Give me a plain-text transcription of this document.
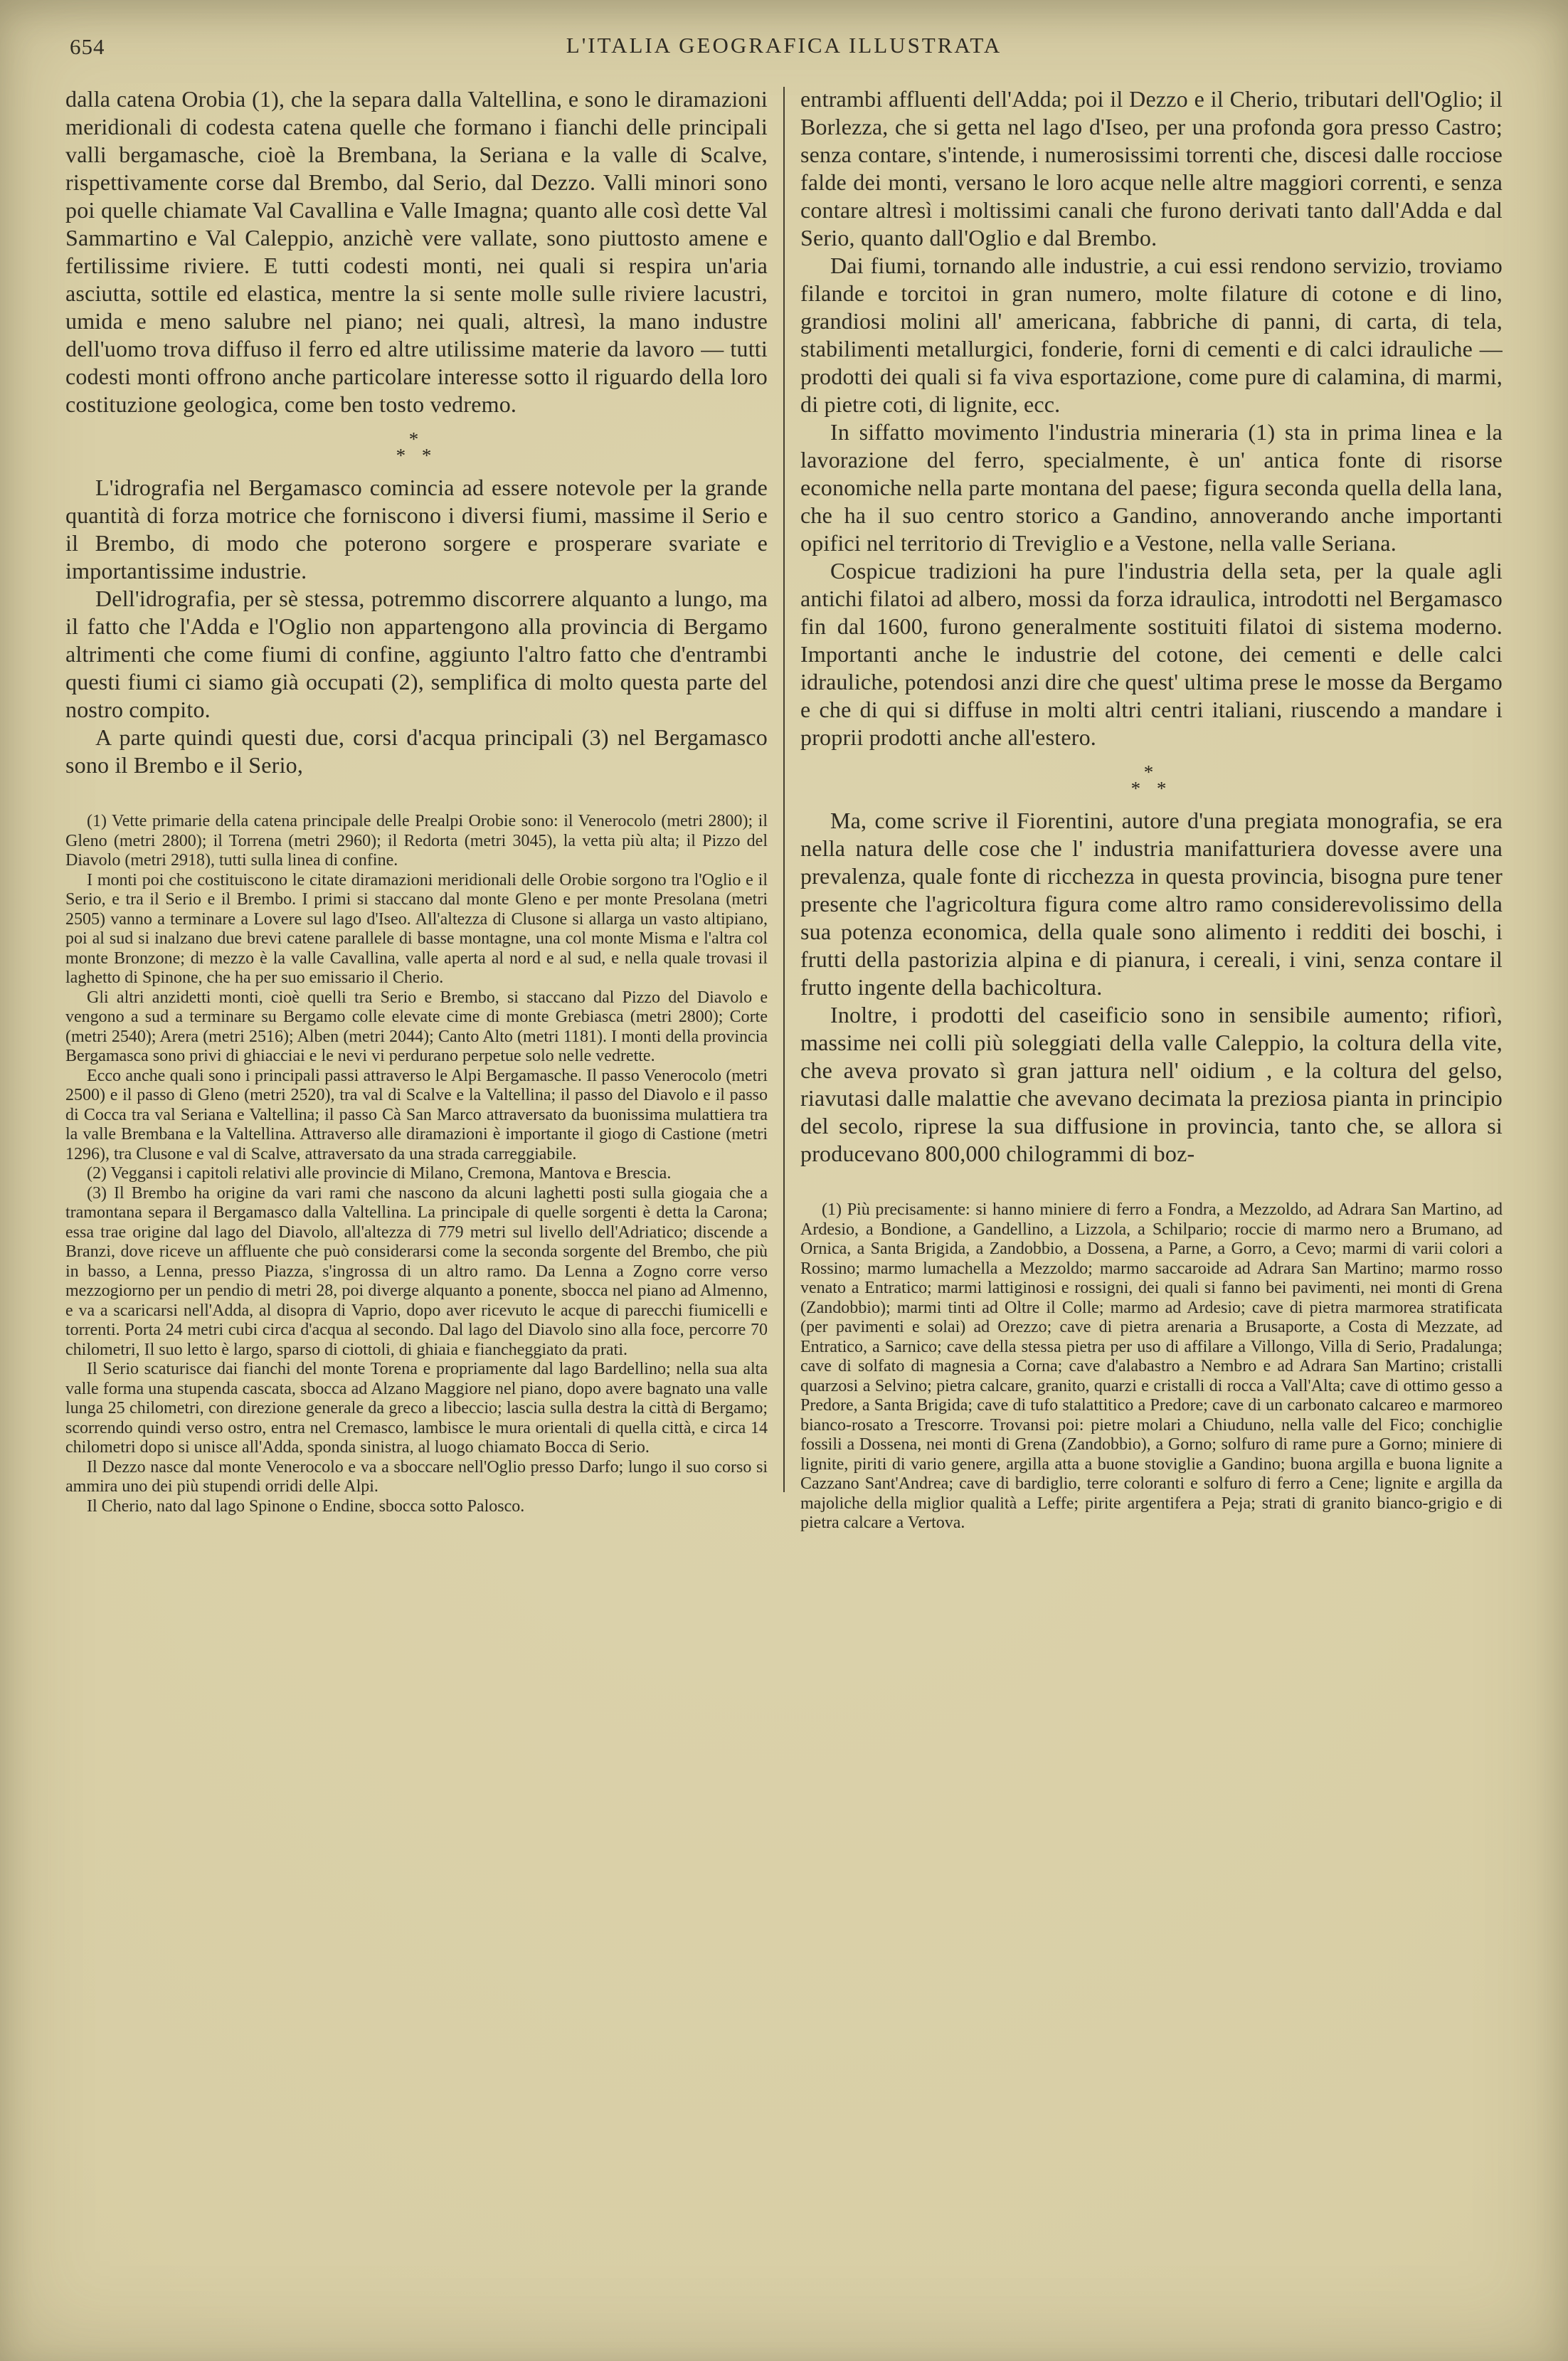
654	L'ITALIA GEOGRAFICA ILLUSTRATA

dalla catena Orobia (1), che la separa dalla Valtellina, e sono le diramazioni meridionali di codesta catena quelle che formano i fianchi delle principali valli bergamasche, cioè la Brembana, la Seriana e la valle di Scalve, rispettivamente corse dal Brembo, dal Serio, dal Dezzo. Valli minori sono poi quelle chiamate Val Cavallina e Valle Imagna; quanto alle così dette Val Sammartino e Val Caleppio, anzichè vere vallate, sono piuttosto amene e fertilissime riviere. E tutti codesti monti, nei quali si respira un'aria asciutta, sottile ed elastica, mentre la si sente molle sulle riviere lacustri, umida e meno salubre nel piano; nei quali, altresì, la mano industre dell'uomo trova diffuso il ferro ed altre utilissime materie da lavoro — tutti codesti monti offrono anche particolare interesse sotto il riguardo della loro costituzione geologica, come ben tosto vedremo.

*
* *

L'idrografia nel Bergamasco comincia ad essere notevole per la grande quantità di forza motrice che forniscono i diversi fiumi, massime il Serio e il Brembo, di modo che poterono sorgere e prosperare svariate e importantissime industrie.

Dell'idrografia, per sè stessa, potremmo discorrere alquanto a lungo, ma il fatto che l'Adda e l'Oglio non appartengono alla provincia di Bergamo altrimenti che come fiumi di confine, aggiunto l'altro fatto che d'entrambi questi fiumi ci siamo già occupati (2), semplifica di molto questa parte del nostro compito.

A parte quindi questi due, corsi d'acqua principali (3) nel Bergamasco sono il Brembo e il Serio,

(1) Vette primarie della catena principale delle Prealpi Orobie sono: il Venerocolo (metri 2800); il Gleno (metri 2800); il Torrena (metri 2960); il Redorta (metri 3045), la vetta più alta; il Pizzo del Diavolo (metri 2918), tutti sulla linea di confine.

I monti poi che costituiscono le citate diramazioni meridionali delle Orobie sorgono tra l'Oglio e il Serio, e tra il Serio e il Brembo. I primi si staccano dal monte Gleno e per monte Presolana (metri 2505) vanno a terminare a Lovere sul lago d'Iseo. All'altezza di Clusone si allarga un vasto altipiano, poi al sud si inalzano due brevi catene parallele di basse montagne, una col monte Misma e l'altra col monte Bronzone; di mezzo è la valle Cavallina, valle aperta al nord e al sud, e nella quale trovasi il laghetto di Spinone, che ha per suo emissario il Cherio.

Gli altri anzidetti monti, cioè quelli tra Serio e Brembo, si staccano dal Pizzo del Diavolo e vengono a sud a terminare su Bergamo colle elevate cime di monte Grebiasca (metri 2800); Corte (metri 2540); Arera (metri 2516); Alben (metri 2044); Canto Alto (metri 1181). I monti della provincia Bergamasca sono privi di ghiacciai e le nevi vi perdurano perpetue solo nelle vedrette.

Ecco anche quali sono i principali passi attraverso le Alpi Bergamasche. Il passo Venerocolo (metri 2500) e il passo di Gleno (metri 2520), tra val di Scalve e la Valtellina; il passo del Diavolo e il passo di Cocca tra val Seriana e Valtellina; il passo Cà San Marco attraversato da buonissima mulattiera tra la valle Brembana e la Valtellina. Attraverso alle diramazioni è importante il giogo di Castione (metri 1296), tra Clusone e val di Scalve, attraversato da una strada carreggiabile.

(2) Veggansi i capitoli relativi alle provincie di Milano, Cremona, Mantova e Brescia.

(3) Il Brembo ha origine da vari rami che nascono da alcuni laghetti posti sulla giogaia che a tramontana separa il Bergamasco dalla Valtellina. La principale di quelle sorgenti è detta la Carona; essa trae origine dal lago del Diavolo, all'altezza di 779 metri sul livello dell'Adriatico; discende a Branzi, dove riceve un affluente che può considerarsi come la seconda sorgente del Brembo, che più in basso, a Lenna, presso Piazza, s'ingrossa di un altro ramo. Da Lenna a Zogno corre verso mezzogiorno per un pendio di metri 28, poi diverge alquanto a ponente, sbocca nel piano ad Almenno, e va a scaricarsi nell'Adda, al disopra di Vaprio, dopo aver ricevuto le acque di parecchi fiumicelli e torrenti. Porta 24 metri cubi circa d'acqua al secondo. Dal lago del Diavolo sino alla foce, percorre 70 chilometri, Il suo letto è largo, sparso di ciottoli, di ghiaia e fiancheggiato da prati.

Il Serio scaturisce dai fianchi del monte Torena e propriamente dal lago Bardellino; nella sua alta valle forma una stupenda cascata, sbocca ad Alzano Maggiore nel piano, dopo avere bagnato una valle lunga 25 chilometri, con direzione generale da greco a libeccio; lascia sulla destra la città di Bergamo; scorrendo quindi verso ostro, entra nel Cremasco, lambisce le mura orientali di quella città, e circa 14 chilometri dopo si unisce all'Adda, sponda sinistra, al luogo chiamato Bocca di Serio.

Il Dezzo nasce dal monte Venerocolo e va a sboccare nell'Oglio presso Darfo; lungo il suo corso si ammira uno dei più stupendi orridi delle Alpi.

Il Cherio, nato dal lago Spinone o Endine, sbocca sotto Palosco.

entrambi affluenti dell'Adda; poi il Dezzo e il Cherio, tributari dell'Oglio; il Borlezza, che si getta nel lago d'Iseo, per una profonda gora presso Castro; senza contare, s'intende, i numerosissimi torrenti che, discesi dalle rocciose falde dei monti, versano le loro acque nelle altre maggiori correnti, e senza contare altresì i moltissimi canali che furono derivati tanto dall'Adda e dal Serio, quanto dall'Oglio e dal Brembo.

Dai fiumi, tornando alle industrie, a cui essi rendono servizio, troviamo filande e torcitoi in gran numero, molte filature di cotone e di lino, grandiosi molini all' americana, fabbriche di panni, di carta, di tela, stabilimenti metallurgici, fonderie, forni di cementi e di calci idrauliche — prodotti dei quali si fa viva esportazione, come pure di calamina, di marmi, di pietre coti, di lignite, ecc.

In siffatto movimento l'industria mineraria (1) sta in prima linea e la lavorazione del ferro, specialmente, è un' antica fonte di risorse economiche nella parte montana del paese; figura seconda quella della lana, che ha il suo centro storico a Gandino, annoverando anche importanti opifici nel territorio di Treviglio e a Vestone, nella valle Seriana.

Cospicue tradizioni ha pure l'industria della seta, per la quale agli antichi filatoi ad albero, mossi da forza idraulica, introdotti nel Bergamasco fin dal 1600, furono generalmente sostituiti filatoi di sistema moderno. Importanti anche le industrie del cotone, dei cementi e delle calci idrauliche, potendosi anzi dire che quest' ultima prese le mosse da Bergamo e che di qui si diffuse in molti altri centri italiani, riuscendo a mandare i proprii prodotti anche all'estero.

*
* *

Ma, come scrive il Fiorentini, autore d'una pregiata monografia, se era nella natura delle cose che l' industria manifatturiera dovesse avere una prevalenza, quale fonte di ricchezza in questa provincia, bisogna pure tener presente che l'agricoltura figura come altro ramo considerevolissimo della sua potenza economica, della quale sono alimento i redditi dei boschi, i frutti della pastorizia alpina e di pianura, i cereali, i vini, senza contare il frutto ingente della bachicoltura.

Inoltre, i prodotti del caseificio sono in sensibile aumento; rifiorì, massime nei colli più soleggiati della valle Caleppio, la coltura della vite, che aveva provato sì gran jattura nell' oidium , e la coltura del gelso, riavutasi dalle malattie che avevano decimata la preziosa pianta in principio del secolo, riprese la sua diffusione in provincia, tanto che, se allora si producevano 800,000 chilogrammi di boz-

(1) Più precisamente: si hanno miniere di ferro a Fondra, a Mezzoldo, ad Adrara San Martino, ad Ardesio, a Bondione, a Gandellino, a Lizzola, a Schilpario; roccie di marmo nero a Brumano, ad Ornica, a Santa Brigida, a Zandobbio, a Dossena, a Parne, a Gorro, a Cevo; marmi di varii colori a Rossino; marmo lumachella a Mezzoldo; marmo saccaroide ad Adrara San Martino; marmo rosso venato a Entratico; marmi lattiginosi e rossigni, dei quali si fanno bei pavimenti, nei monti di Grena (Zandobbio); marmi tinti ad Oltre il Colle; marmo ad Ardesio; cave di pietra marmorea stratificata (per pavimenti e solai) ad Orezzo; cave di pietra arenaria a Brusaporte, a Costa di Mezzate, ad Entratico, a Sarnico; cave della stessa pietra per uso di affilare a Villongo, Villa di Serio, Pradalunga; cave di solfato di magnesia a Corna; cave d'alabastro a Nembro e ad Adrara San Martino; cristalli quarzosi a Selvino; pietra calcare, granito, quarzi e cristalli di rocca a Vall'Alta; cave di ottimo gesso a Predore, a Santa Brigida; cave di tufo stalattitico a Predore; cave di un carbonato calcareo e marmoreo bianco-rosato a Trescorre. Trovansi poi: pietre molari a Chiuduno, nella valle del Fico; conchiglie fossili a Dossena, nei monti di Grena (Zandobbio), a Gorno; solfuro di rame pure a Gorno; miniere di lignite, piriti di vario genere, argilla atta a buone stoviglie a Gandino; buona argilla e buona lignite a Cazzano Sant'Andrea; cave di bardiglio, terre coloranti e solfuro di ferro a Cene; lignite e argilla da majoliche della miglior qualità a Leffe; pirite argentifera a Peja; strati di granito bianco-grigio e di pietra calcare a Vertova.
